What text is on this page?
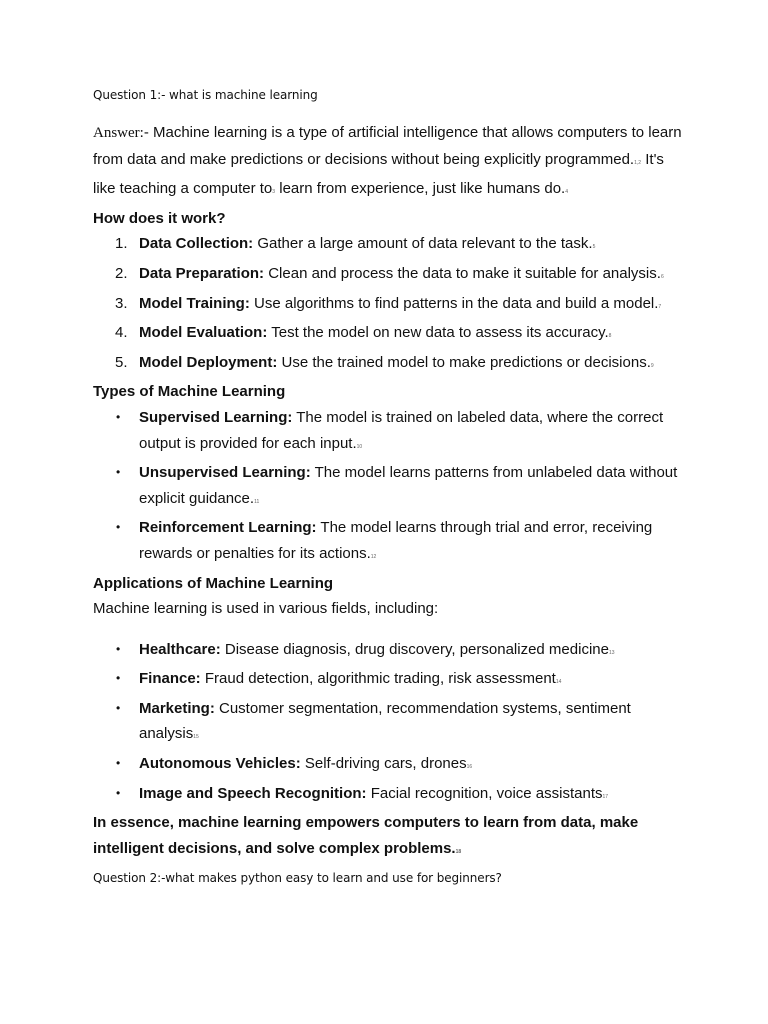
Question 1:- what is machine learning
Answer:- Machine learning is a type of artificial intelligence that allows computers to learn from data and make predictions or decisions without being explicitly programmed.1,2 It's like teaching a computer to3 learn from experience, just like humans do.4
How does it work?
1. Data Collection: Gather a large amount of data relevant to the task.5
2. Data Preparation: Clean and process the data to make it suitable for analysis.6
3. Model Training: Use algorithms to find patterns in the data and build a model.7
4. Model Evaluation: Test the model on new data to assess its accuracy.8
5. Model Deployment: Use the trained model to make predictions or decisions.9
Types of Machine Learning
• Supervised Learning: The model is trained on labeled data, where the correct output is provided for each input.10
• Unsupervised Learning: The model learns patterns from unlabeled data without explicit guidance.11
• Reinforcement Learning: The model learns through trial and error, receiving rewards or penalties for its actions.12
Applications of Machine Learning
Machine learning is used in various fields, including:
• Healthcare: Disease diagnosis, drug discovery, personalized medicine13
• Finance: Fraud detection, algorithmic trading, risk assessment14
• Marketing: Customer segmentation, recommendation systems, sentiment analysis15
• Autonomous Vehicles: Self-driving cars, drones16
• Image and Speech Recognition: Facial recognition, voice assistants17
In essence, machine learning empowers computers to learn from data, make intelligent decisions, and solve complex problems.18
Question 2:-what makes python easy to learn and use for beginners?
